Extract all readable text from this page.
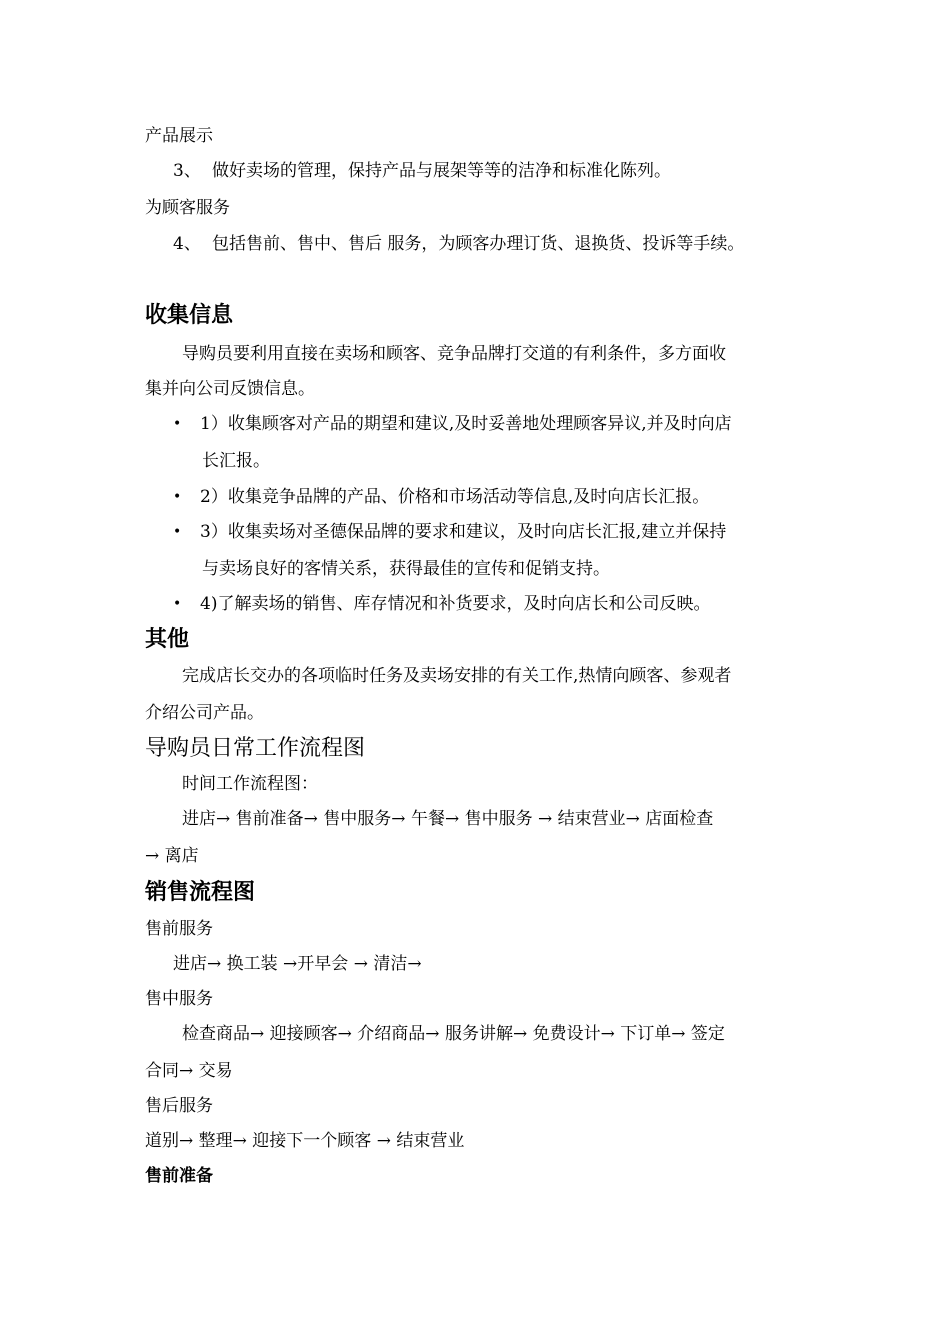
产品展示
3、 做好卖场的管理，保持产品与展架等等的洁净和标准化陈列。
为顾客服务
4、 包括售前、售中、售后 服务，为顾客办理订货、退换货、投诉等手续。
收集信息
导购员要利用直接在卖场和顾客、竞争品牌打交道的有利条件，多方面收
集并向公司反馈信息。
• 1）收集顾客对产品的期望和建议,及时妥善地处理顾客异议,并及时向店
长汇报。
• 2）收集竞争品牌的产品、价格和市场活动等信息,及时向店长汇报。
• 3）收集卖场对圣德保品牌的要求和建议，及时向店长汇报,建立并保持
与卖场良好的客情关系，获得最佳的宣传和促销支持。
• 4)了解卖场的销售、库存情况和补货要求，及时向店长和公司反映。
其他
完成店长交办的各项临时任务及卖场安排的有关工作,热情向顾客、参观者
介绍公司产品。
导购员日常工作流程图
时间工作流程图：
进店→ 售前准备→ 售中服务→ 午餐→ 售中服务 → 结束营业→ 店面检查
→ 离店
销售流程图
售前服务
进店→ 换工装 →开早会 → 清洁→
售中服务
检查商品→ 迎接顾客→ 介绍商品→ 服务讲解→ 免费设计→ 下订单→ 签定
合同→ 交易
售后服务
道别→ 整理→ 迎接下一个顾客 → 结束营业
售前准备
